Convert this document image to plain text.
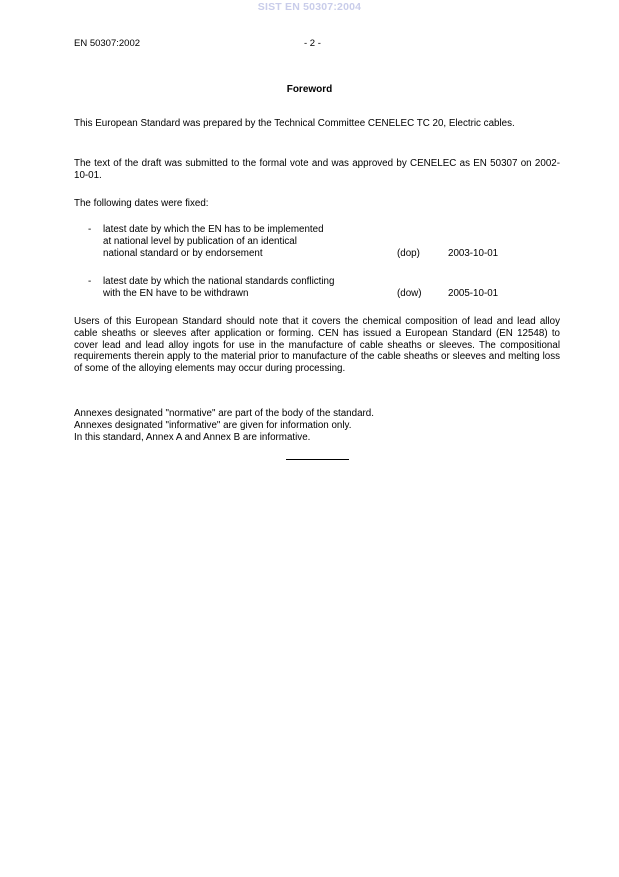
SIST EN 50307:2004
EN 50307:2002	- 2 -
Foreword

This European Standard was prepared by the Technical Committee CENELEC TC 20, Electric cables.

The text of the draft was submitted to the formal vote and was approved by CENELEC as EN 50307 on 2002-10-01.

The following dates were fixed:

- latest date by which the EN has to be implemented
at national level by publication of an identical
national standard or by endorsement	(dop)	2003-10-01
- latest date by which the national standards conflicting
with the EN have to be withdrawn	(dow)	2005-10-01

Users of this European Standard should note that it covers the chemical composition of lead and lead alloy cable sheaths or sleeves after application or forming. CEN has issued a European Standard (EN 12548) to cover lead and lead alloy ingots for use in the manufacture of cable sheaths or sleeves. The compositional requirements therein apply to the material prior to manufacture of the cable sheaths or sleeves and melting loss of some of the alloying elements may occur during processing.

Annexes designated "normative" are part of the body of the standard.
Annexes designated "informative" are given for information only.
In this standard, Annex A and Annex B are informative.
